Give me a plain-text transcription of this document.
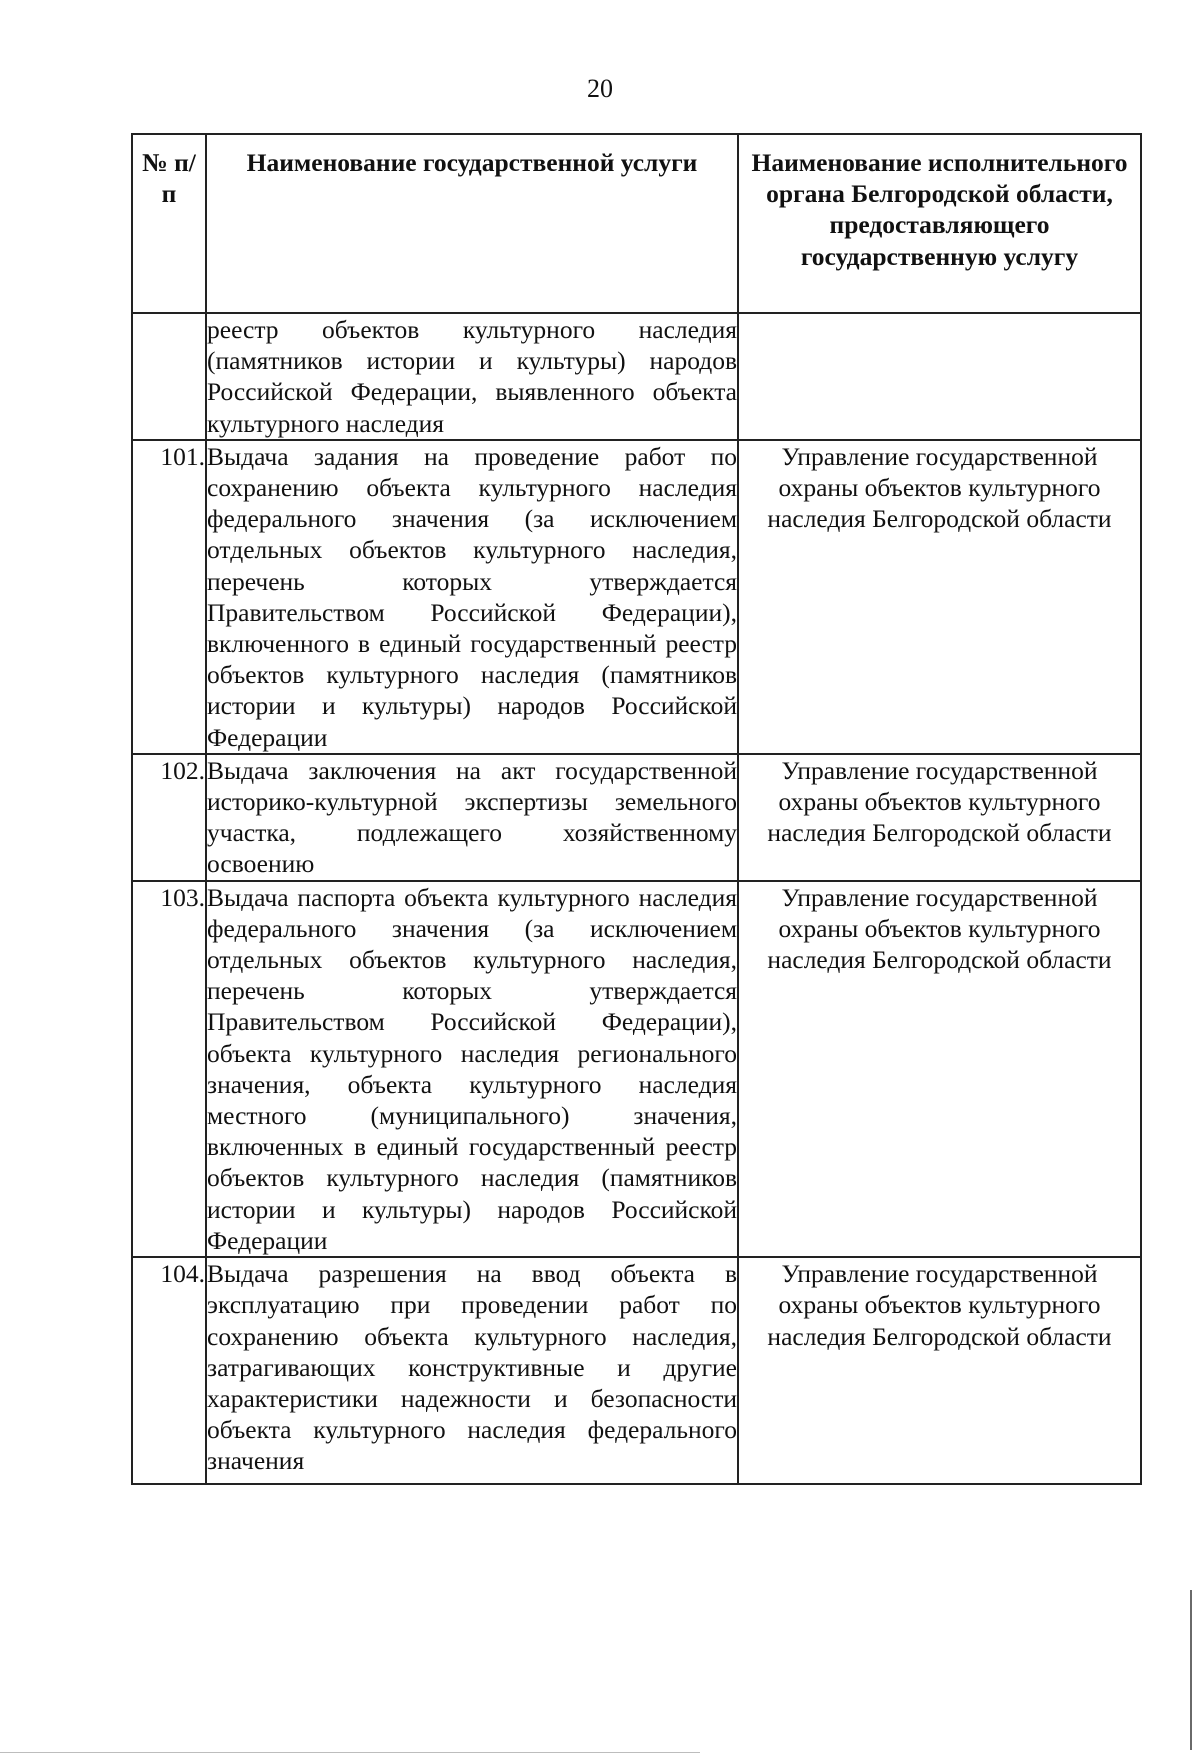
20
№ п/п	Наименование государственной услуги	Наименование исполнительного органа Белгородской области, предоставляющего государственную услугу
	реестр объектов культурного наследия (памятников истории и культуры) народов Российской Федерации, выявленного объекта культурного наследия	
101.	Выдача задания на проведение работ по сохранению объекта культурного наследия федерального значения (за исключением отдельных объектов культурного наследия, перечень которых утверждается Правительством Российской Федерации), включенного в единый государственный реестр объектов культурного наследия (памятников истории и культуры) народов Российской Федерации	Управление государственной охраны объектов культурного наследия Белгородской области
102.	Выдача заключения на акт государственной историко-культурной экспертизы земельного участка, подлежащего хозяйственному освоению	Управление государственной охраны объектов культурного наследия Белгородской области
103.	Выдача паспорта объекта культурного наследия федерального значения (за исключением отдельных объектов культурного наследия, перечень которых утверждается Правительством Российской Федерации), объекта культурного наследия регионального значения, объекта культурного наследия местного (муниципального) значения, включенных в единый государственный реестр объектов культурного наследия (памятников истории и культуры) народов Российской Федерации	Управление государственной охраны объектов культурного наследия Белгородской области
104.	Выдача разрешения на ввод объекта в эксплуатацию при проведении работ по сохранению объекта культурного наследия, затрагивающих конструктивные и другие характеристики надежности и безопасности объекта культурного наследия федерального значения	Управление государственной охраны объектов культурного наследия Белгородской области
